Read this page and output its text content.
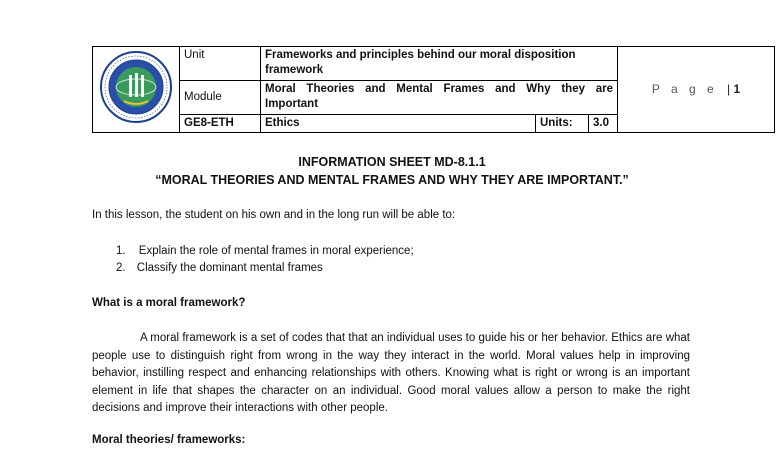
	Unit	Frameworks and principles behind our moral disposition framework			P a g e | 1
	Module	Moral Theories and Mental Frames and Why they are
Important			

	GE8-ETH	Ethics	Units:	3.0	
INFORMATION SHEET MD-8.1.1
“MORAL THEORIES AND MENTAL FRAMES AND WHY THEY ARE IMPORTANT.”
In this lesson, the student on his own and in the long run will be able to:
1. Explain the role of mental frames in moral experience;
2. Classify the dominant mental frames
What is a moral framework?
A moral framework is a set of codes that that an individual uses to guide his or her behavior. Ethics are what people use to distinguish right from wrong in the way they interact in the world. Moral values help in improving behavior, instilling respect and enhancing relationships with others. Knowing what is right or wrong is an important element in life that shapes the character on an individual. Good moral values allow a person to make the right decisions and improve their interactions with other people.
Moral theories/ frameworks:
